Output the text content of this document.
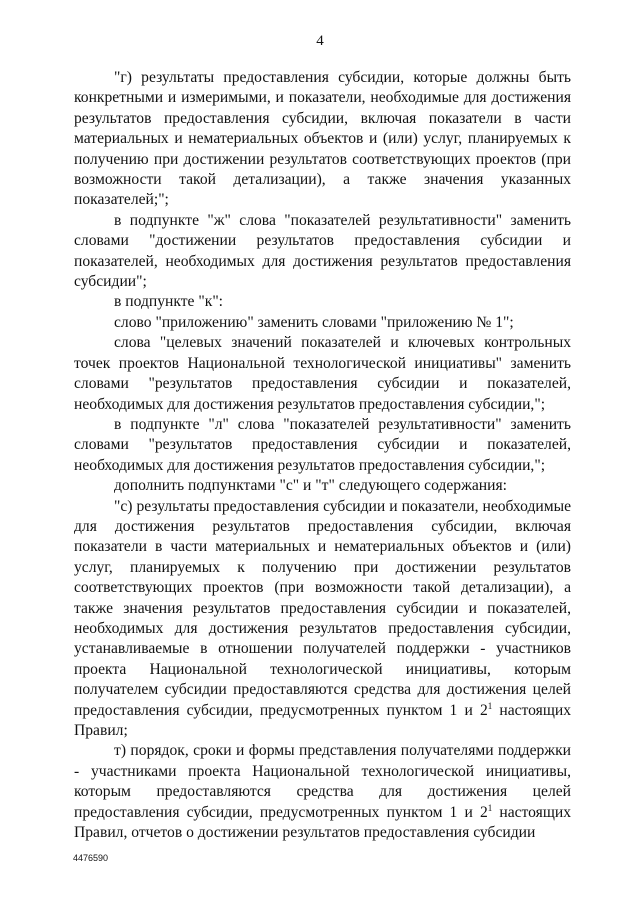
4

"г) результаты предоставления субсидии, которые должны быть конкретными и измеримыми, и показатели, необходимые для достижения результатов предоставления субсидии, включая показатели в части материальных и нематериальных объектов и (или) услуг, планируемых к получению при достижении результатов соответствующих проектов (при возможности такой детализации), а также значения указанных показателей;";

в подпункте "ж" слова "показателей результативности" заменить словами "достижении результатов предоставления субсидии и показателей, необходимых для достижения результатов предоставления субсидии";

в подпункте "к":

слово "приложению" заменить словами "приложению № 1";

слова "целевых значений показателей и ключевых контрольных точек проектов Национальной технологической инициативы" заменить словами "результатов предоставления субсидии и показателей, необходимых для достижения результатов предоставления субсидии,";

в подпункте "л" слова "показателей результативности" заменить словами "результатов предоставления субсидии и показателей, необходимых для достижения результатов предоставления субсидии,";

дополнить подпунктами "с" и "т" следующего содержания:

"с) результаты предоставления субсидии и показатели, необходимые для достижения результатов предоставления субсидии, включая показатели в части материальных и нематериальных объектов и (или) услуг, планируемых к получению при достижении результатов соответствующих проектов (при возможности такой детализации), а также значения результатов предоставления субсидии и показателей, необходимых для достижения результатов предоставления субсидии, устанавливаемые в отношении получателей поддержки - участников проекта Национальной технологической инициативы, которым получателем субсидии предоставляются средства для достижения целей предоставления субсидии, предусмотренных пунктом 1 и $2^1$ настоящих Правил;

т) порядок, сроки и формы представления получателями поддержки - участниками проекта Национальной технологической инициативы, которым предоставляются средства для достижения целей предоставления субсидии, предусмотренных пунктом 1 и $2^1$ настоящих Правил, отчетов о достижении результатов предоставления субсидии

4476590
